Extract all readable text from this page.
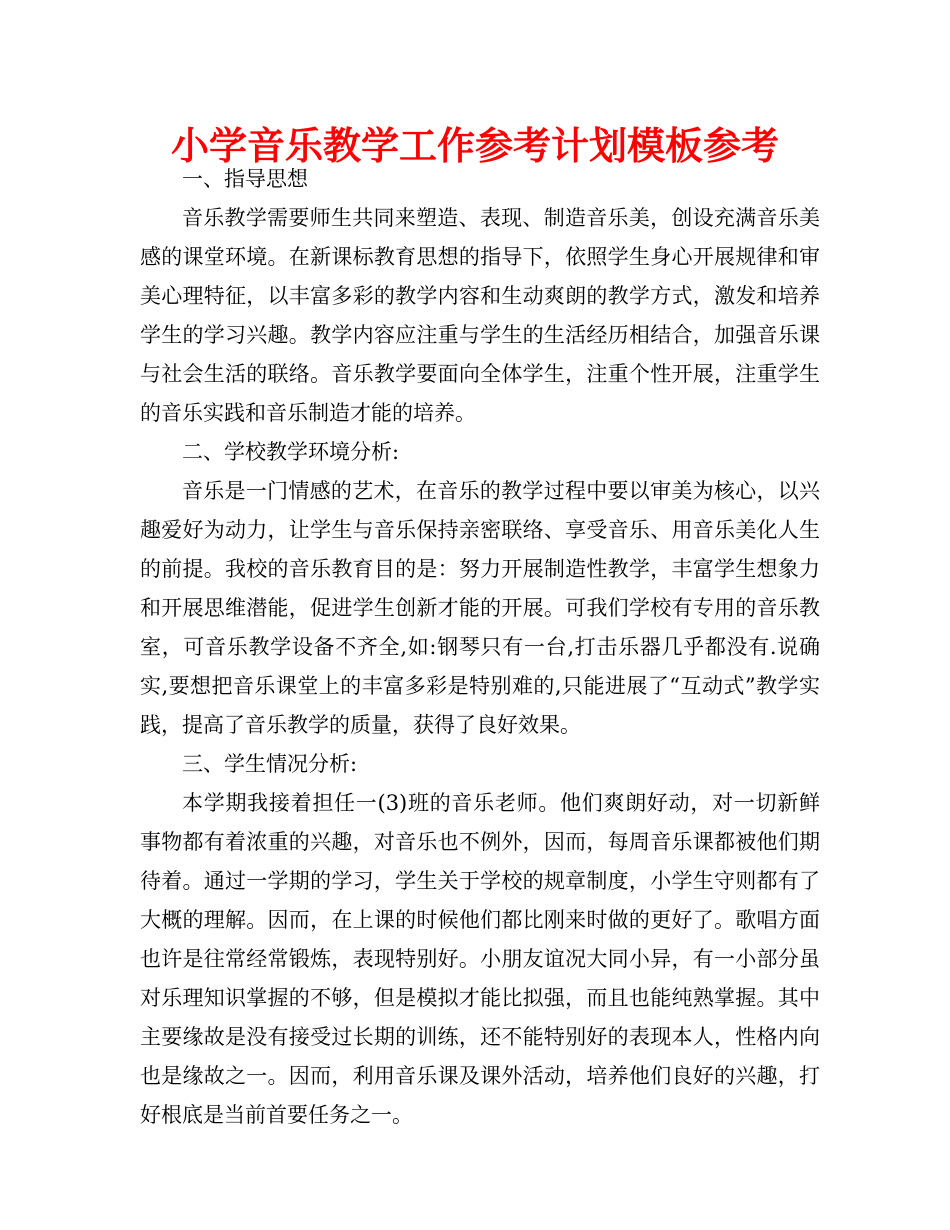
小学音乐教学工作参考计划模板参考

一、指导思想

音乐教学需要师生共同来塑造、表现、制造音乐美，创设充满音乐美感的课堂环境。在新课标教育思想的指导下，依照学生身心开展规律和审美心理特征，以丰富多彩的教学内容和生动爽朗的教学方式，激发和培养学生的学习兴趣。教学内容应注重与学生的生活经历相结合，加强音乐课与社会生活的联络。音乐教学要面向全体学生，注重个性开展，注重学生的音乐实践和音乐制造才能的培养。

二、学校教学环境分析:

音乐是一门情感的艺术，在音乐的教学过程中要以审美为核心，以兴趣爱好为动力，让学生与音乐保持亲密联络、享受音乐、用音乐美化人生的前提。我校的音乐教育目的是：努力开展制造性教学，丰富学生想象力和开展思维潜能，促进学生创新才能的开展。可我们学校有专用的音乐教室，可音乐教学设备不齐全,如:钢琴只有一台,打击乐器几乎都没有.说确实,要想把音乐课堂上的丰富多彩是特别难的,只能进展了“互动式”教学实践，提高了音乐教学的质量，获得了良好效果。

三、学生情况分析:

本学期我接着担任一(3)班的音乐老师。他们爽朗好动，对一切新鲜事物都有着浓重的兴趣，对音乐也不例外，因而，每周音乐课都被他们期待着。通过一学期的学习，学生关于学校的规章制度，小学生守则都有了大概的理解。因而，在上课的时候他们都比刚来时做的更好了。歌唱方面也许是往常经常锻炼，表现特别好。小朋友谊况大同小异，有一小部分虽对乐理知识掌握的不够，但是模拟才能比拟强，而且也能纯熟掌握。其中主要缘故是没有接受过长期的训练，还不能特别好的表现本人，性格内向也是缘故之一。因而，利用音乐课及课外活动，培养他们良好的兴趣，打好根底是当前首要任务之一。
